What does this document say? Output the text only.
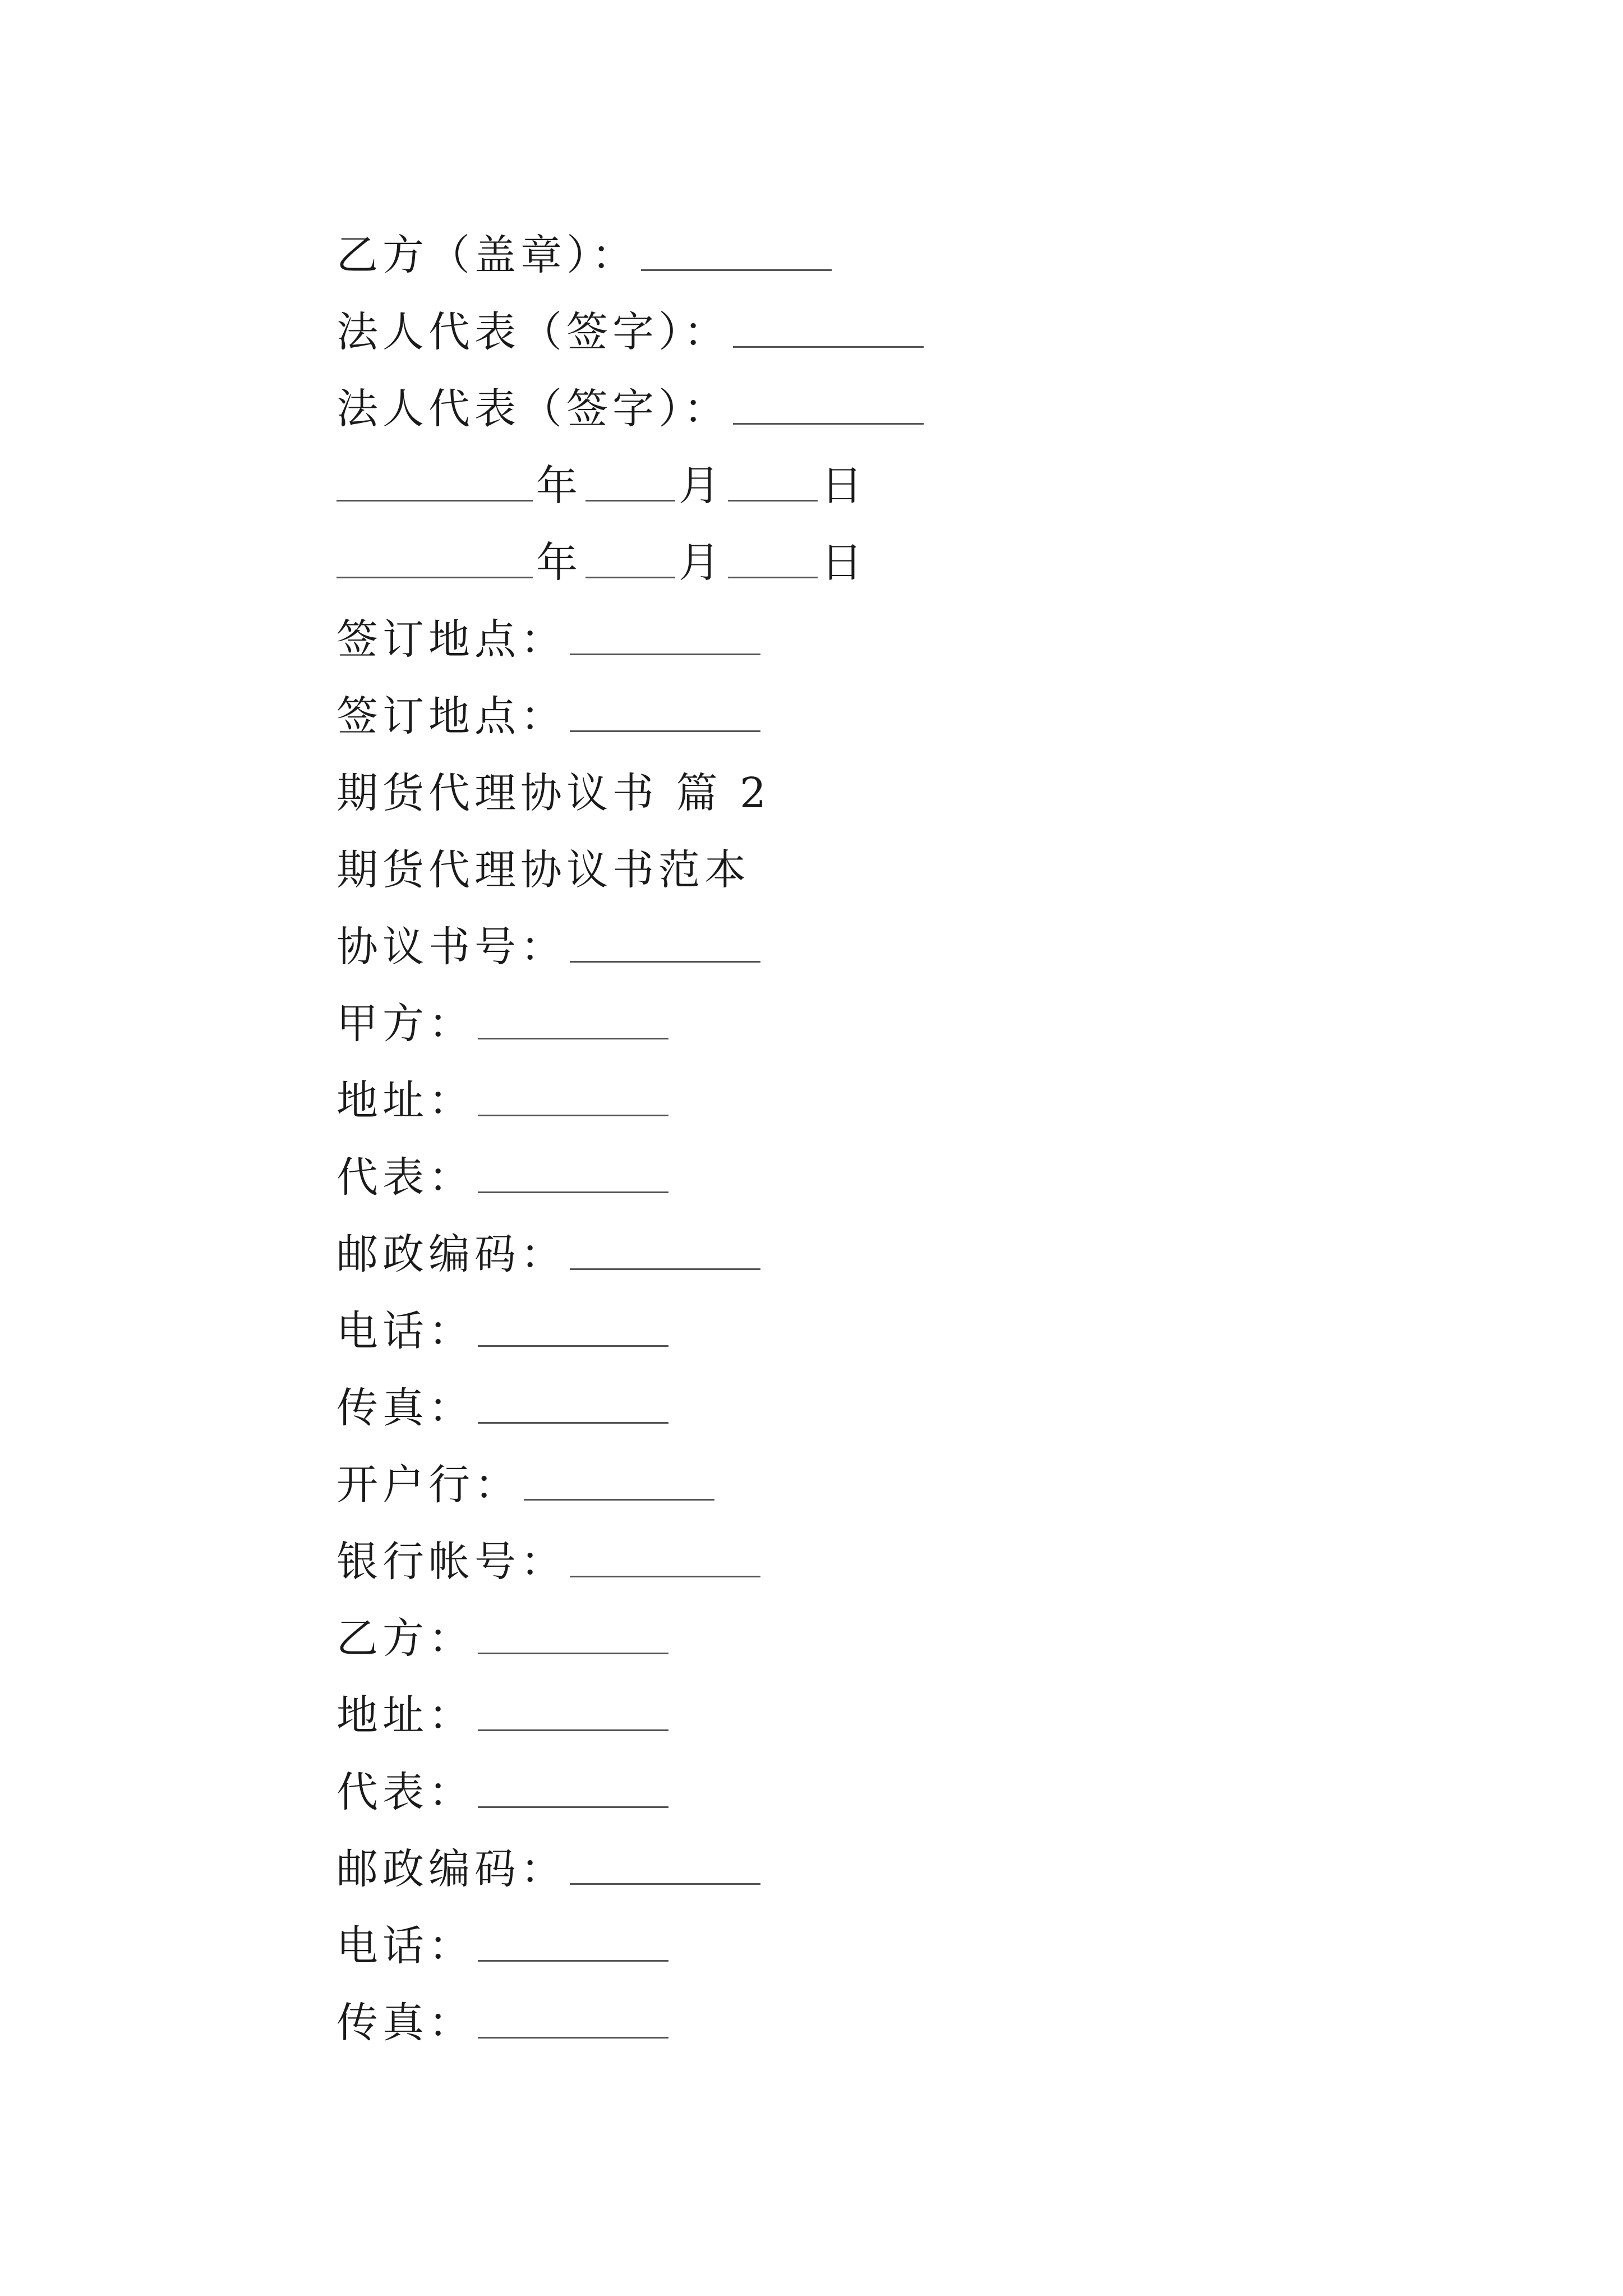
乙方（盖章）：
法人代表（签字）：
法人代表（签字）：
年 月 日
年 月 日
签订地点：
签订地点：
期货代理协议书 篇 2
期货代理协议书范本
协议书号：
甲方：
地址：
代表：
邮政编码：
电话：
传真：
开户行：
银行帐号：
乙方：
地址：
代表：
邮政编码：
电话：
传真：
